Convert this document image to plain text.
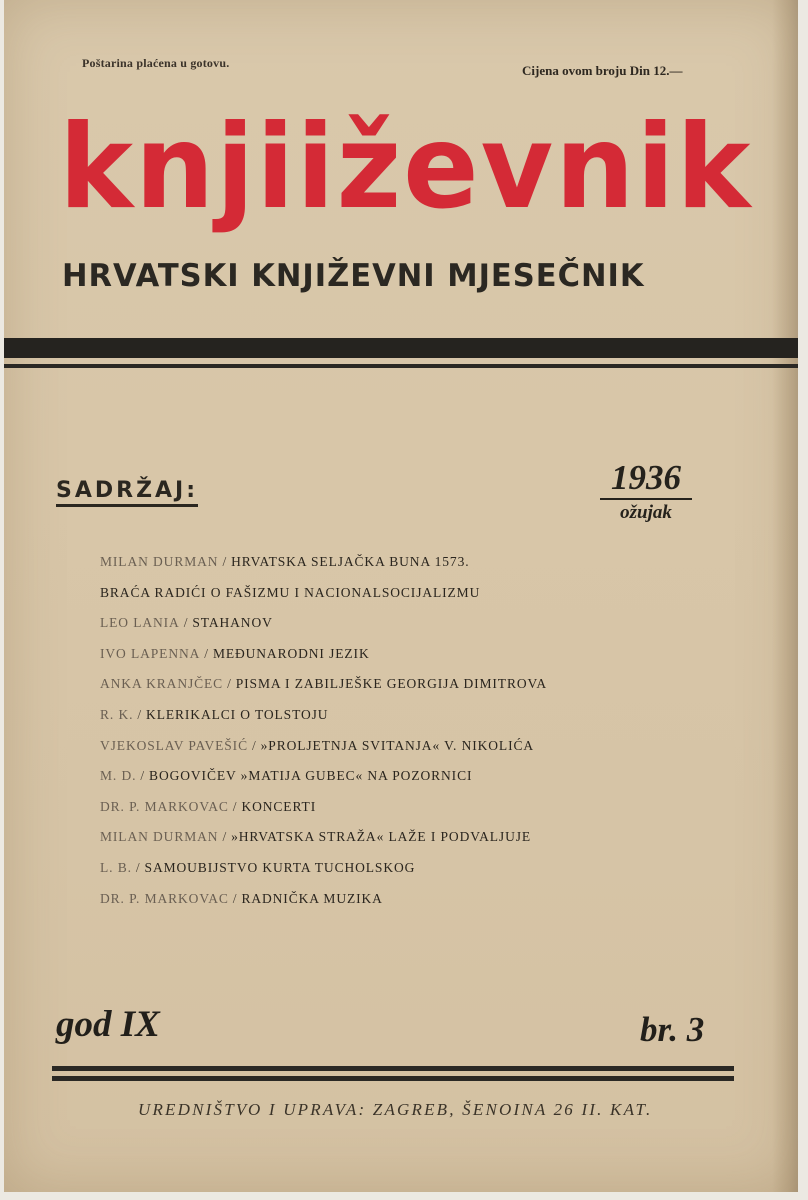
Poštarina plaćena u gotovu.	Cijena ovom broju Din 12.—
knjiiževnik
HRVATSKI KNJIŽEVNI MJESEČNIK
SADRŽAJ:	1936
ožujak
MILAN DURMAN / HRVATSKA SELJAČKA BUNA 1573.
BRAĆA RADIĆI O FAŠIZMU I NACIONALSOCIJALIZMU
LEO LANIA / STAHANOV
IVO LAPENNA / MEĐUNARODNI JEZIK
ANKA KRANJČEC / PISMA I ZABILJEŠKE GEORGIJA DIMITROVA
R. K. / KLERIKALCI O TOLSTOJU
VJEKOSLAV PAVEŠIĆ / »PROLJETNJA SVITANJA« V. NIKOLIĆA
M. D. / BOGOVIČEV »MATIJA GUBEC« NA POZORNICI
DR. P. MARKOVAC / KONCERTI
MILAN DURMAN / »HRVATSKA STRAŽA« LAŽE I PODVALJUJE
L. B. / SAMOUBIJSTVO KURTA TUCHOLSKOG
DR. P. MARKOVAC / RADNIČKA MUZIKA
god IX	br. 3
UREDNIŠTVO I UPRAVA: ZAGREB, ŠENOINA 26 II. KAT.
